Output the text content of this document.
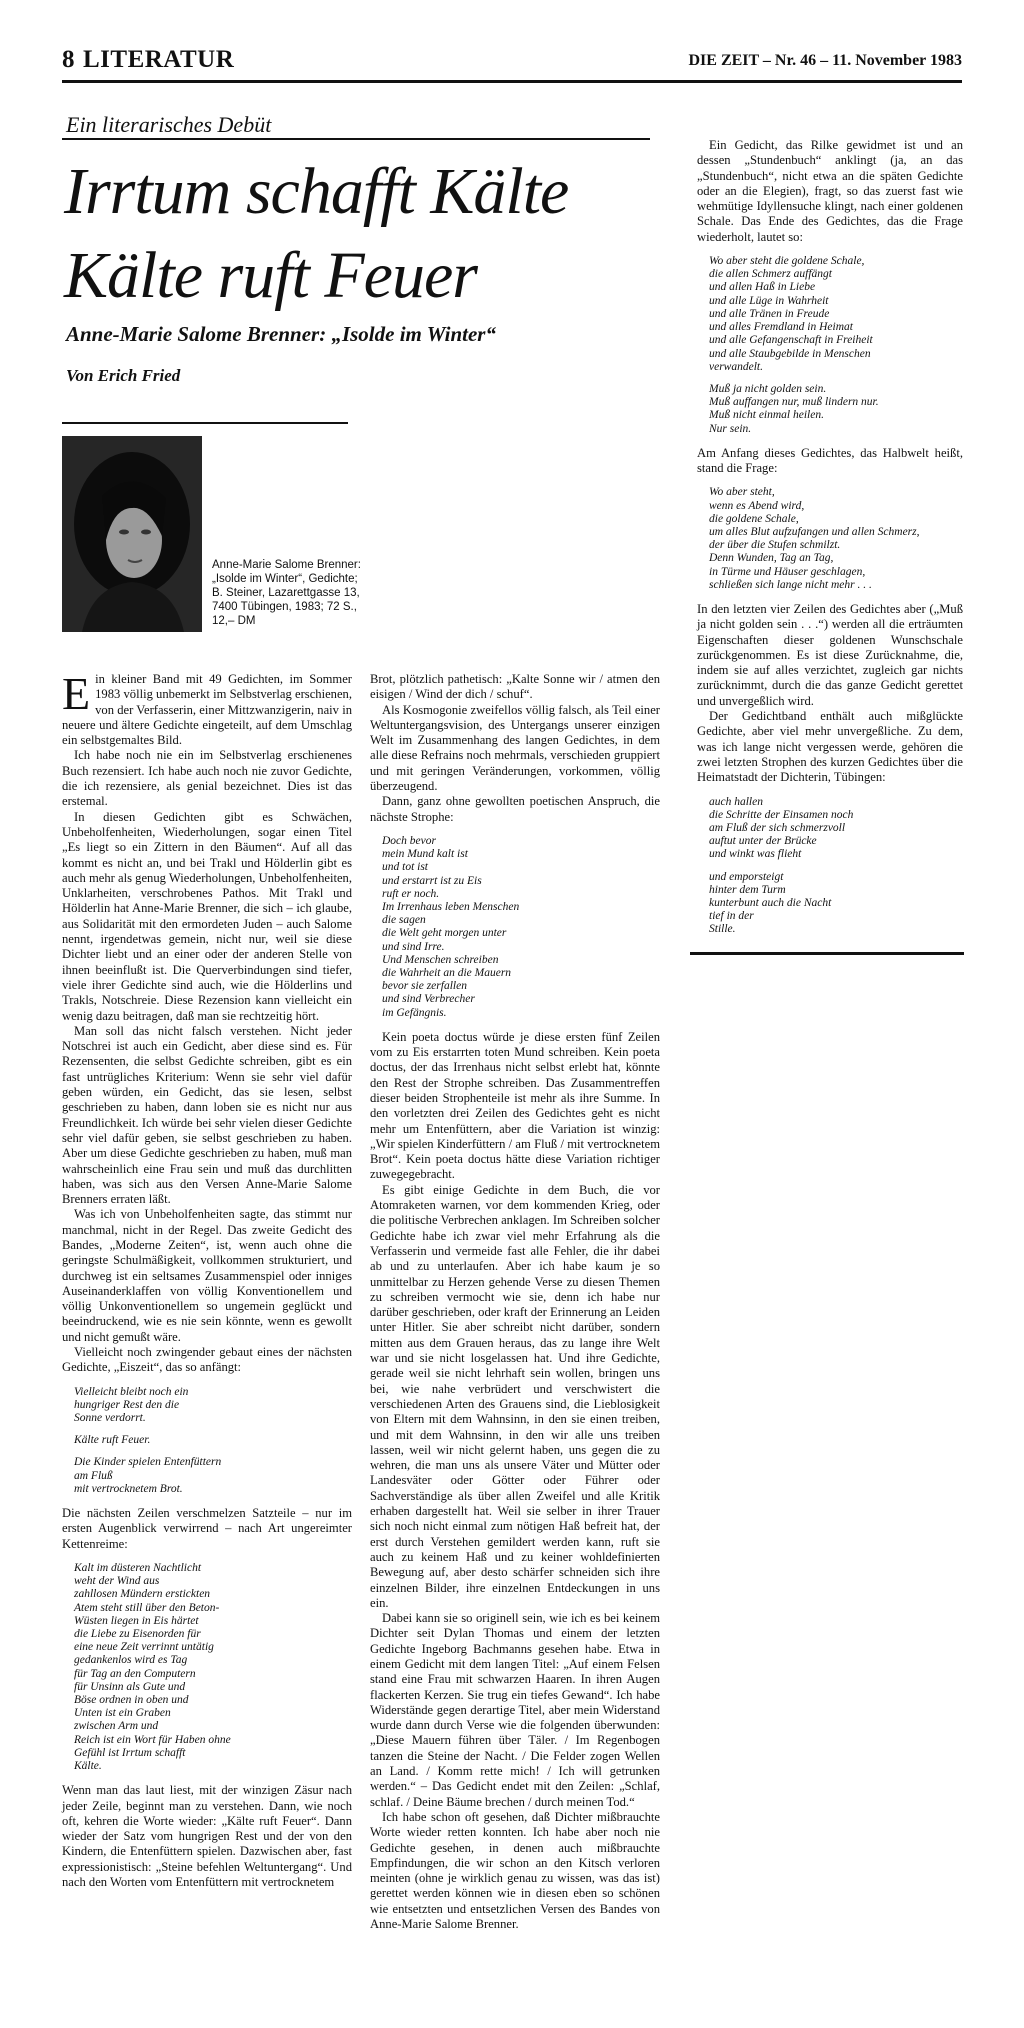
8 LITERATUR	DIE ZEIT – Nr. 46 – 11. November 1983
Ein literarisches Debüt
Irrtum schafft Kälte
Kälte ruft Feuer
Anne-Marie Salome Brenner: „Isolde im Winter“
Von Erich Fried
Anne-Marie Salome Brenner: „Isolde im Winter“, Gedichte; B. Steiner, Lazarettgasse 13, 7400 Tübingen, 1983; 72 S., 12,– DM

Ein kleiner Band mit 49 Gedichten, im Sommer 1983 völlig unbemerkt im Selbstverlag erschienen, von der Verfasserin, einer Mittzwanzigerin, naiv in neuere und ältere Gedichte eingeteilt, auf dem Umschlag ein selbstgemaltes Bild.

Ich habe noch nie ein im Selbstverlag erschienenes Buch rezensiert. Ich habe auch noch nie zuvor Gedichte, die ich rezensiere, als genial bezeichnet. Dies ist das erstemal.

In diesen Gedichten gibt es Schwächen, Unbeholfenheiten, Wiederholungen, sogar einen Titel „Es liegt so ein Zittern in den Bäumen“. Auf all das kommt es nicht an, und bei Trakl und Hölderlin gibt es auch mehr als genug Wiederholungen, Unbeholfenheiten, Unklarheiten, verschrobenes Pathos. Mit Trakl und Hölderlin hat Anne-Marie Brenner, die sich – ich glaube, aus Solidarität mit den ermordeten Juden – auch Salome nennt, irgendetwas gemein, nicht nur, weil sie diese Dichter liebt und an einer oder der anderen Stelle von ihnen beeinflußt ist. Die Querverbindungen sind tiefer, viele ihrer Gedichte sind auch, wie die Hölderlins und Trakls, Notschreie. Diese Rezension kann vielleicht ein wenig dazu beitragen, daß man sie rechtzeitig hört.

Man soll das nicht falsch verstehen. Nicht jeder Notschrei ist auch ein Gedicht, aber diese sind es. Für Rezensenten, die selbst Gedichte schreiben, gibt es ein fast untrügliches Kriterium: Wenn sie sehr viel dafür geben würden, ein Gedicht, das sie lesen, selbst geschrieben zu haben, dann loben sie es nicht nur aus Freundlichkeit. Ich würde bei sehr vielen dieser Gedichte sehr viel dafür geben, sie selbst geschrieben zu haben. Aber um diese Gedichte geschrieben zu haben, muß man wahrscheinlich eine Frau sein und muß das durchlitten haben, was sich aus den Versen Anne-Marie Salome Brenners erraten läßt.

Was ich von Unbeholfenheiten sagte, das stimmt nur manchmal, nicht in der Regel. Das zweite Gedicht des Bandes, „Moderne Zeiten“, ist, wenn auch ohne die geringste Schulmäßigkeit, vollkommen strukturiert, und durchweg ist ein seltsames Zusammenspiel oder inniges Auseinanderklaffen von völlig Konventionellem und völlig Unkonventionellem so ungemein geglückt und beeindruckend, wie es nie sein könnte, wenn es gewollt und nicht gemußt wäre.

Vielleicht noch zwingender gebaut eines der nächsten Gedichte, „Eiszeit“, das so anfängt:

Vielleicht bleibt noch ein
hungriger Rest den die
Sonne verdorrt.
Kälte ruft Feuer.
Die Kinder spielen Entenfüttern
am Fluß
mit vertrocknetem Brot.

Die nächsten Zeilen verschmelzen Satzteile – nur im ersten Augenblick verwirrend – nach Art ungereimter Kettenreime:

Kalt im düsteren Nachtlicht
weht der Wind aus
zahllosen Mündern erstickten
Atem steht still über den Beton-
Wüsten liegen in Eis härtet
die Liebe zu Eisenorden für
eine neue Zeit verrinnt untätig
gedankenlos wird es Tag
für Tag an den Computern
für Unsinn als Gute und
Böse ordnen in oben und
Unten ist ein Graben
zwischen Arm und
Reich ist ein Wort für Haben ohne
Gefühl ist Irrtum schafft
Kälte.

Wenn man das laut liest, mit der winzigen Zäsur nach jeder Zeile, beginnt man zu verstehen. Dann, wie noch oft, kehren die Worte wieder: „Kälte ruft Feuer“. Dann wieder der Satz vom hungrigen Rest und der von den Kindern, die Entenfüttern spielen. Dazwischen aber, fast expressionistisch: „Steine befehlen Weltuntergang“. Und nach den Worten vom Entenfüttern mit vertrocknetem

Brot, plötzlich pathetisch: „Kalte Sonne wir / atmen den eisigen / Wind der dich / schuf“.

Als Kosmogonie zweifellos völlig falsch, als Teil einer Weltuntergangsvision, des Untergangs unserer einzigen Welt im Zusammenhang des langen Gedichtes, in dem alle diese Refrains noch mehrmals, verschieden gruppiert und mit geringen Veränderungen, vorkommen, völlig überzeugend.

Dann, ganz ohne gewollten poetischen Anspruch, die nächste Strophe:

Doch bevor
mein Mund kalt ist
und tot ist
und erstarrt ist zu Eis
ruft er noch.
Im Irrenhaus leben Menschen
die sagen
die Welt geht morgen unter
und sind Irre.
Und Menschen schreiben
die Wahrheit an die Mauern
bevor sie zerfallen
und sind Verbrecher
im Gefängnis.

Kein poeta doctus würde je diese ersten fünf Zeilen vom zu Eis erstarrten toten Mund schreiben. Kein poeta doctus, der das Irrenhaus nicht selbst erlebt hat, könnte den Rest der Strophe schreiben. Das Zusammentreffen dieser beiden Strophenteile ist mehr als ihre Summe. In den vorletzten drei Zeilen des Gedichtes geht es nicht mehr um Entenfüttern, aber die Variation ist winzig: „Wir spielen Kinderfüttern / am Fluß / mit vertrocknetem Brot“. Kein poeta doctus hätte diese Variation richtiger zuwegegebracht.

Es gibt einige Gedichte in dem Buch, die vor Atomraketen warnen, vor dem kommenden Krieg, oder die politische Verbrechen anklagen. Im Schreiben solcher Gedichte habe ich zwar viel mehr Erfahrung als die Verfasserin und vermeide fast alle Fehler, die ihr dabei ab und zu unterlaufen. Aber ich habe kaum je so unmittelbar zu Herzen gehende Verse zu diesen Themen zu schreiben vermocht wie sie, denn ich habe nur darüber geschrieben, oder kraft der Erinnerung an Leiden unter Hitler. Sie aber schreibt nicht darüber, sondern mitten aus dem Grauen heraus, das zu lange ihre Welt war und sie nicht losgelassen hat. Und ihre Gedichte, gerade weil sie nicht lehrhaft sein wollen, bringen uns bei, wie nahe verbrüdert und verschwistert die verschiedenen Arten des Grauens sind, die Lieblosigkeit von Eltern mit dem Wahnsinn, in den sie einen treiben, und mit dem Wahnsinn, in den wir alle uns treiben lassen, weil wir nicht gelernt haben, uns gegen die zu wehren, die man uns als unsere Väter und Mütter oder Landesväter oder Götter oder Führer oder Sachverständige als über allen Zweifel und alle Kritik erhaben dargestellt hat. Weil sie selber in ihrer Trauer sich noch nicht einmal zum nötigen Haß befreit hat, der erst durch Verstehen gemildert werden kann, ruft sie auch zu keinem Haß und zu keiner wohldefinierten Bewegung auf, aber desto schärfer schneiden sich ihre einzelnen Bilder, ihre einzelnen Entdeckungen in uns ein.

Dabei kann sie so originell sein, wie ich es bei keinem Dichter seit Dylan Thomas und einem der letzten Gedichte Ingeborg Bachmanns gesehen habe. Etwa in einem Gedicht mit dem langen Titel: „Auf einem Felsen stand eine Frau mit schwarzen Haaren. In ihren Augen flackerten Kerzen. Sie trug ein tiefes Gewand“. Ich habe Widerstände gegen derartige Titel, aber mein Widerstand wurde dann durch Verse wie die folgenden überwunden: „Diese Mauern führen über Täler. / Im Regenbogen tanzen die Steine der Nacht. / Die Felder zogen Wellen an Land. / Komm rette mich! / Ich will getrunken werden.“ – Das Gedicht endet mit den Zeilen: „Schlaf, schlaf. / Deine Bäume brechen / durch meinen Tod.“

Ich habe schon oft gesehen, daß Dichter mißbrauchte Worte wieder retten konnten. Ich habe aber noch nie Gedichte gesehen, in denen auch mißbrauchte Empfindungen, die wir schon an den Kitsch verloren meinten (ohne je wirklich genau zu wissen, was das ist) gerettet werden können wie in diesen eben so schönen wie entsetzten und entsetzlichen Versen des Bandes von Anne-Marie Salome Brenner.

Ein Gedicht, das Rilke gewidmet ist und an dessen „Stundenbuch“ anklingt (ja, an das „Stundenbuch“, nicht etwa an die späten Gedichte oder an die Elegien), fragt, so das zuerst fast wie wehmütige Idyllensuche klingt, nach einer goldenen Schale. Das Ende des Gedichtes, das die Frage wiederholt, lautet so:

Wo aber steht die goldene Schale,
die allen Schmerz auffängt
und allen Haß in Liebe
und alle Lüge in Wahrheit
und alle Tränen in Freude
und alles Fremdland in Heimat
und alle Gefangenschaft in Freiheit
und alle Staubgebilde in Menschen
verwandelt.
Muß ja nicht golden sein.
Muß auffangen nur, muß lindern nur.
Muß nicht einmal heilen.
Nur sein.

Am Anfang dieses Gedichtes, das Halbwelt heißt, stand die Frage:

Wo aber steht,
wenn es Abend wird,
die goldene Schale,
um alles Blut aufzufangen und allen Schmerz,
der über die Stufen schmilzt.
Denn Wunden, Tag an Tag,
in Türme und Häuser geschlagen,
schließen sich lange nicht mehr . . .

In den letzten vier Zeilen des Gedichtes aber („Muß ja nicht golden sein . . .“) werden all die erträumten Eigenschaften dieser goldenen Wunschschale zurückgenommen. Es ist diese Zurücknahme, die, indem sie auf alles verzichtet, zugleich gar nichts zurücknimmt, durch die das ganze Gedicht gerettet und unvergeßlich wird.

Der Gedichtband enthält auch mißglückte Gedichte, aber viel mehr unvergeßliche. Zu dem, was ich lange nicht vergessen werde, gehören die zwei letzten Strophen des kurzen Gedichtes über die Heimatstadt der Dichterin, Tübingen:

auch hallen
die Schritte der Einsamen noch
am Fluß der sich schmerzvoll
auftut unter der Brücke
und winkt was flieht
und emporsteigt
hinter dem Turm
kunterbunt auch die Nacht
tief in der
Stille.
